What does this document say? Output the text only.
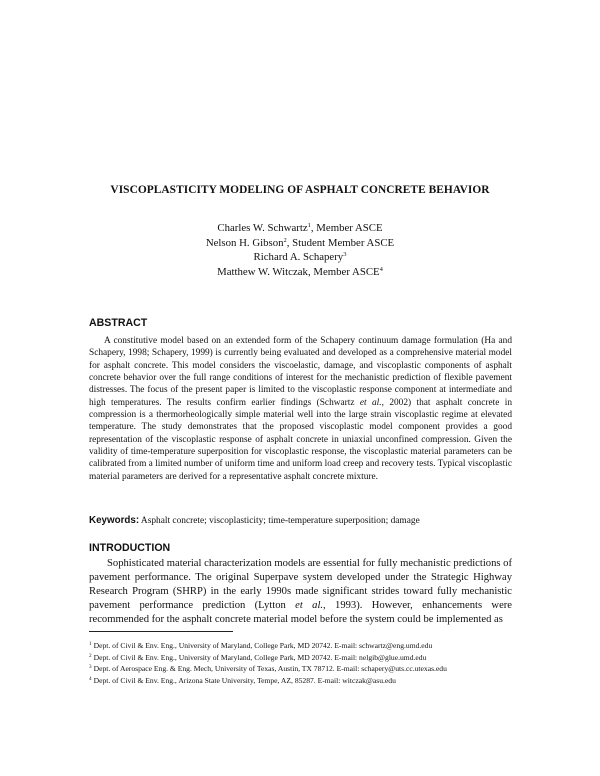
VISCOPLASTICITY MODELING OF ASPHALT CONCRETE BEHAVIOR
Charles W. Schwartz$^1$, Member ASCE
Nelson H. Gibson$^2$, Student Member ASCE
Richard A. Schapery$^3$
Matthew W. Witczak, Member ASCE$^4$
ABSTRACT

A constitutive model based on an extended form of the Schapery continuum damage formulation (Ha and Schapery, 1998; Schapery, 1999) is currently being evaluated and developed as a comprehensive material model for asphalt concrete. This model considers the viscoelastic, damage, and viscoplastic components of asphalt concrete behavior over the full range conditions of interest for the mechanistic prediction of flexible pavement distresses. The focus of the present paper is limited to the viscoplastic response component at intermediate and high temperatures. The results confirm earlier findings (Schwartz et al., 2002) that asphalt concrete in compression is a thermorheologically simple material well into the large strain viscoplastic regime at elevated temperature. The study demonstrates that the proposed viscoplastic model component provides a good representation of the viscoplastic response of asphalt concrete in uniaxial unconfined compression. Given the validity of time-temperature superposition for viscoplastic response, the viscoplastic material parameters can be calibrated from a limited number of uniform time and uniform load creep and recovery tests. Typical viscoplastic material parameters are derived for a representative asphalt concrete mixture.

Keywords: Asphalt concrete; viscoplasticity; time-temperature superposition; damage
INTRODUCTION

Sophisticated material characterization models are essential for fully mechanistic predictions of pavement performance. The original Superpave system developed under the Strategic Highway Research Program (SHRP) in the early 1990s made significant strides toward fully mechanistic pavement performance prediction (Lytton et al., 1993). However, enhancements were recommended for the asphalt concrete material model before the system could be implemented as

$^1$ Dept. of Civil & Env. Eng., University of Maryland, College Park, MD 20742. E-mail: schwartz@eng.umd.edu
$^2$ Dept. of Civil & Env. Eng., University of Maryland, College Park, MD 20742. E-mail: nelgib@glue.umd.edu
$^3$ Dept. of Aerospace Eng. & Eng. Mech, University of Texas, Austin, TX 78712. E-mail: schapery@uts.cc.utexas.edu
$^4$ Dept. of Civil & Env. Eng., Arizona State University, Tempe, AZ, 85287. E-mail: witczak@asu.edu
